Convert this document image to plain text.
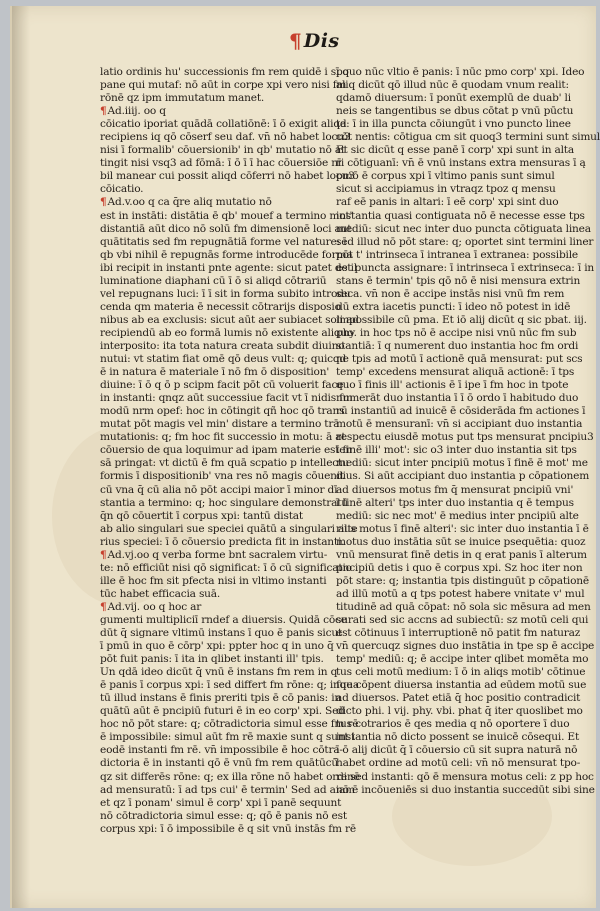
¶ Dis
latio ordinis hu' successionis fm rem quidē i spo
pane qui mutaf: nō aūt in corpe xpi vero nisi fm
rōnē qz ipm immutatum manet.
¶Ad.iiij. oo q
cōicatio iporiat quādā collatiōnē: ī ō exigit aliqd
recipiens iq qō cōserf seu daf. vn̄ nō habet locu3
nisi ī formalib' cōuersionib' in qb' mutatio nō at
tingit nisi vsq3 ad fōmā: ī ō ī ī hac cōuersiōe nī
bil manear cui possit aliqd cōferri nō habet locu3
cōicatio.
¶Ad.v.oo q ca q̄re aliq mutatio nō
est in instāti: distātia ē qb' mouef a termino mot'
distantiā aūt dico nō solū fm dimensionē loci aut
quātitatis sed fm repugnātiā forme vel nature: ī
qb vbi nihil ē repugnās forme introducēde forma
ibi recipit in instanti pnte agente: sicut patet de il
luminatione diaphani cū ī ō si aliqd cōtrariū
vel repugnans luci: ī ī sit in forma subito introdu
cenda qm materia ē necessit cōtrarijs disposio
nibus ab ea exclusis: sicut aūt aer subiacet soli ad
recipiendū ab eo formā lumis nō existente aliquo
interposito: ita tota natura creata subdit diuino
nutui: vt statim fiat omē qō deus vult: q; quicqd
ē in natura ē materiale ī nō fm ō disposition'
diuine: ī ō q ō p scipm facit pōt cū voluerit face
in instanti: qnqz aūt successiue facit vt ī nidis fm
modū nrm opef: hoc in cōtingit qñ hoc qō trans
mutat pōt magis vel min' distare a termino trā
mutationis: q; fm hoc fit successio in motu: ā at
cōuersio de qua loquimur ad ipam materie esten
sā pringat: vt dictū ē fm quā scpatio p intellectu
formis ī dispositionib' vna res nō magis cōuenit
cū vna q̄ cū alia nō pōt accipi maior ī minor dī
stantia a termino: q; hoc singulare demonstratū
q̄n qō cōuertit ī corpus xpi: tantū distat
ab alio singulari sue speciei quātū a singulari alte
rius speciei: ī ō cōuersio predicta fit in instanti.
¶Ad.vj.oo q verba forme bnt sacralem virtu-
te: nō efficiūt nisi qō significat: ī ō cū significatio
ille ē hoc fm sit pfecta nisi in vltimo instanti
tūc habet efficacia suā.
¶Ad.vij. oo q hoc ar
gumenti multipliciī rndef a diuersis. Quidā cōce
dūt q̄ signare vltimū instans ī quo ē panis sicut
ī pmū in quo ē cōrp' xpi: ppter hoc q in uno q̄
pōt fuit panis: ī ita in qlibet instanti ill' tpis.
Un qdā ideo dicūt q̄ vnū ē instans fm rem in q
ē panis ī corpus xpi: ī sed differt fm rōne: q; inqua
tū illud instans ē finis preriti tpis ē cō panis: in
quātū aūt ē pncipiū futuri ē in eo corp' xpi. Sed
hoc nō pōt stare: q; cōtradictoria simul esse fm rē
ē impossibile: simul aūt fm rē maxie sunt q sunt i
eodē instanti fm rē. vn̄ impossibile ē hoc cōtra-
dictoria ē in instanti qō ē vnū fm rem quātūcū̄
qz sit differēs rōne: q; ex illa rōne nō habet ordinē
ad mensuratū: ī ad tps cui' ē termin' Sed ad aiam
et qz ī ponam' simul ē corp' xpi ī panē sequunt
nō cōtradictoria simul esse: q; qō ē panis nō est
corpus xpi: ī ō impossibile ē q sit vnū instās fm rē
ī quo nūc vltio ē panis: ī nūc pmo corp' xpi. Ideo
aliq dicūt qō illud nūc ē quodam vnum realit:
qdamō diuersum: ī ponūt exemplū de duab' li
neis se tangentibus se dbus cōtat p vnū pūctu
ta: ī in illa puncta cōiungūt i vno puncto linee
cōt nentis: cōtigua cm sit quoq3 termini sunt simul
Et sic dicūt q esse panē ī corp' xpi sunt in alta
ri cōtiguanī: vn̄ ē vnū instans extra mensuras ī ą
pmō ē corpus xpi ī vltimo panis sunt simul
sicut si accipiamus in vtraqz tpoz q mensu
raf eē panis in altari: ī eē corp' xpi sint duo
instantia quasi contiguata nō ē necesse esse tps
mediū: sicut nec inter duo puncta cōtiguata linea
sed illud nō pōt stare: q; oportet sint termini liner
pōt t' intrinseca ī intranea ī extranea: possibile
est puncta assignare: ī intrinseca ī extrinseca: ī in
stans ē termin' tpis qō nō ē nisi mensura extrin
seca. vn̄ non ē accipe instās nisi vnū fm rem
dū extra iacetis puncti: ī ideo nō potest in idē
impossibile cū pma. Et iō alij dicūt q sic pbat. iij.
phy. in hoc tps nō ē accipe nisi vnū nūc fm sub
stantiā: ī q numerent duo instantia hoc fm ordi
ne tpis ad motū ī actionē quā mensurat: put scs
temp' excedens mensurat aliquā actionē: ī tps
quo ī finis ill' actionis ē ī ipe ī fm hoc in tpote
numerāt duo instantia ī ī ō ordo ī habitudo duo
rū instantiū ad inuicē ē cōsiderāda fm actiones ī
motū ē mensuranī: vn̄ si accipiant duo instantia
respectu eiusdē motus put tps mensurat pncipiu3
ī finē illi' mot': sic o3 inter duo instantia sit tps
mediū: sicut inter pncipiū motus ī finē ē mot' me
dius. Si aūt accipiant duo instantia p cōpationem
ad diuersos motus fm q̄ mensurat pncipiū vni'
ī finē alteri' tps inter duo instantia q ē tempus
mediū: sic nec mot' ē medius inter pncipiū alte
rius motus ī finē alteri': sic inter duo instantia ī ē
motus duo instātia sūt se inuice psequētia: quoz
vnū mensurat finē detis in q erat panis ī alterum
pncipiū detis i quo ē corpus xpi. Sz hoc iter non
pōt stare: q; instantia tpis distinguūt p cōpationē
ad illū motū a q tps potest habere vnitate v' mul
titudinē ad quā cōpat: nō sola sic mēsura ad men
surati sed sic accns ad subiectū: sz motū celi qui
est cōtinuus ī interruptionē nō patit fm naturaz
vn̄ quercuqz signes duo instātia in tpe sp ē accipe
temp' mediū: q; ē accipe inter qlibet momēta mo
tus celi motū medium: ī ō in aliqs motib' cōtinue
fue cōpent diuersa instantia ad eūdem motū sue
ad diuersos. Patet etiā q̄ hoc positio contradicit
dicto phi. l vij. phy. vbi. phat q̄ iter quoslibet mo
tus cotrarios ē qes media q nō oportere ī duo
instantia nō dicto possent se inuicē cōsequi. Et
ī ō alij dicūt q̄ ī cōuersio cū sit supra naturā nō
habet ordine ad motū celi: vn̄ nō mensurat tpo-
re sed instanti: qō ē mensura motus celi: z pp hoc
nō ē incōueniēs si duo instantia succedūt sibi sine
